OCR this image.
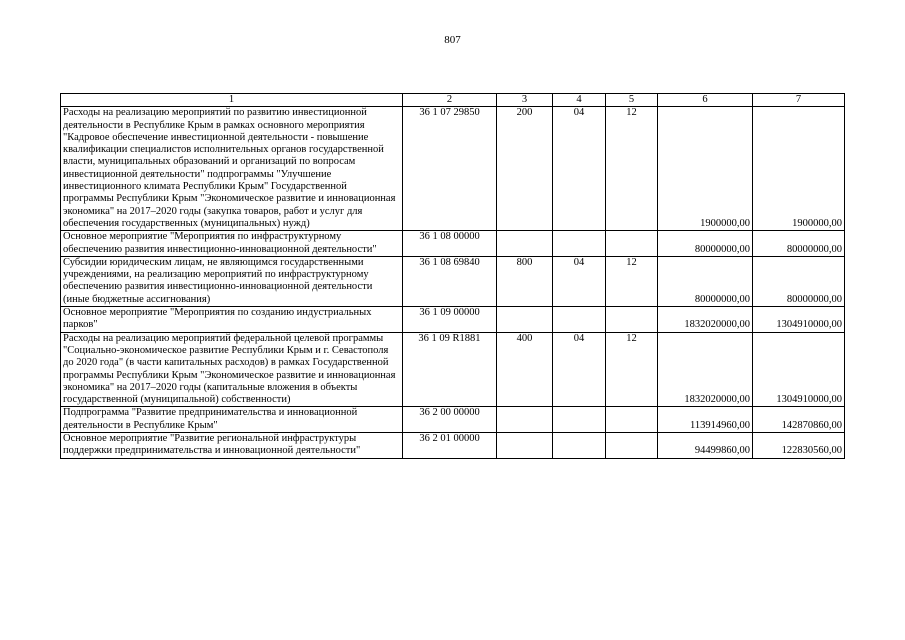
807
1	2	3	4	5	6	7
Расходы на реализацию мероприятий по развитию инвестиционной деятельности в Республике Крым в рамках основного мероприятия "Кадровое обеспечение инвестиционной деятельности - повышение квалификации специалистов исполнительных органов государственной власти, муниципальных образований и организаций по вопросам инвестиционной деятельности" подпрограммы "Улучшение инвестиционного климата Республики Крым" Государственной программы Республики Крым "Экономическое развитие и инновационная экономика" на 2017–2020 годы (закупка товаров, работ и услуг для обеспечения государственных (муниципальных) нужд)	36 1 07 29850	200	04	12	1900000,00	1900000,00
Основное мероприятие "Мероприятия по инфраструктурному обеспечению развития инвестиционно-инновационной деятельности"	36 1 08 00000				80000000,00	80000000,00
Субсидии юридическим лицам, не являющимся государственными учреждениями, на реализацию мероприятий по инфраструктурному обеспечению развития инвестиционно-инновационной деятельности (иные бюджетные ассигнования)	36 1 08 69840	800	04	12	80000000,00	80000000,00
Основное мероприятие "Мероприятия по созданию индустриальных парков"	36 1 09 00000				1832020000,00	1304910000,00
Расходы на реализацию мероприятий федеральной целевой программы "Социально-экономическое развитие Республики Крым и г. Севастополя до 2020 года" (в части капитальных расходов) в рамках Государственной программы Республики Крым "Экономическое развитие и инновационная экономика" на 2017–2020 годы (капитальные вложения в объекты государственной (муниципальной) собственности)	36 1 09 R1881	400	04	12	1832020000,00	1304910000,00
Подпрограмма "Развитие предпринимательства и инновационной деятельности в Республике Крым"	36 2 00 00000				113914960,00	142870860,00
Основное мероприятие "Развитие региональной инфраструктуры поддержки предпринимательства и инновационной деятельности"	36 2 01 00000				94499860,00	122830560,00
